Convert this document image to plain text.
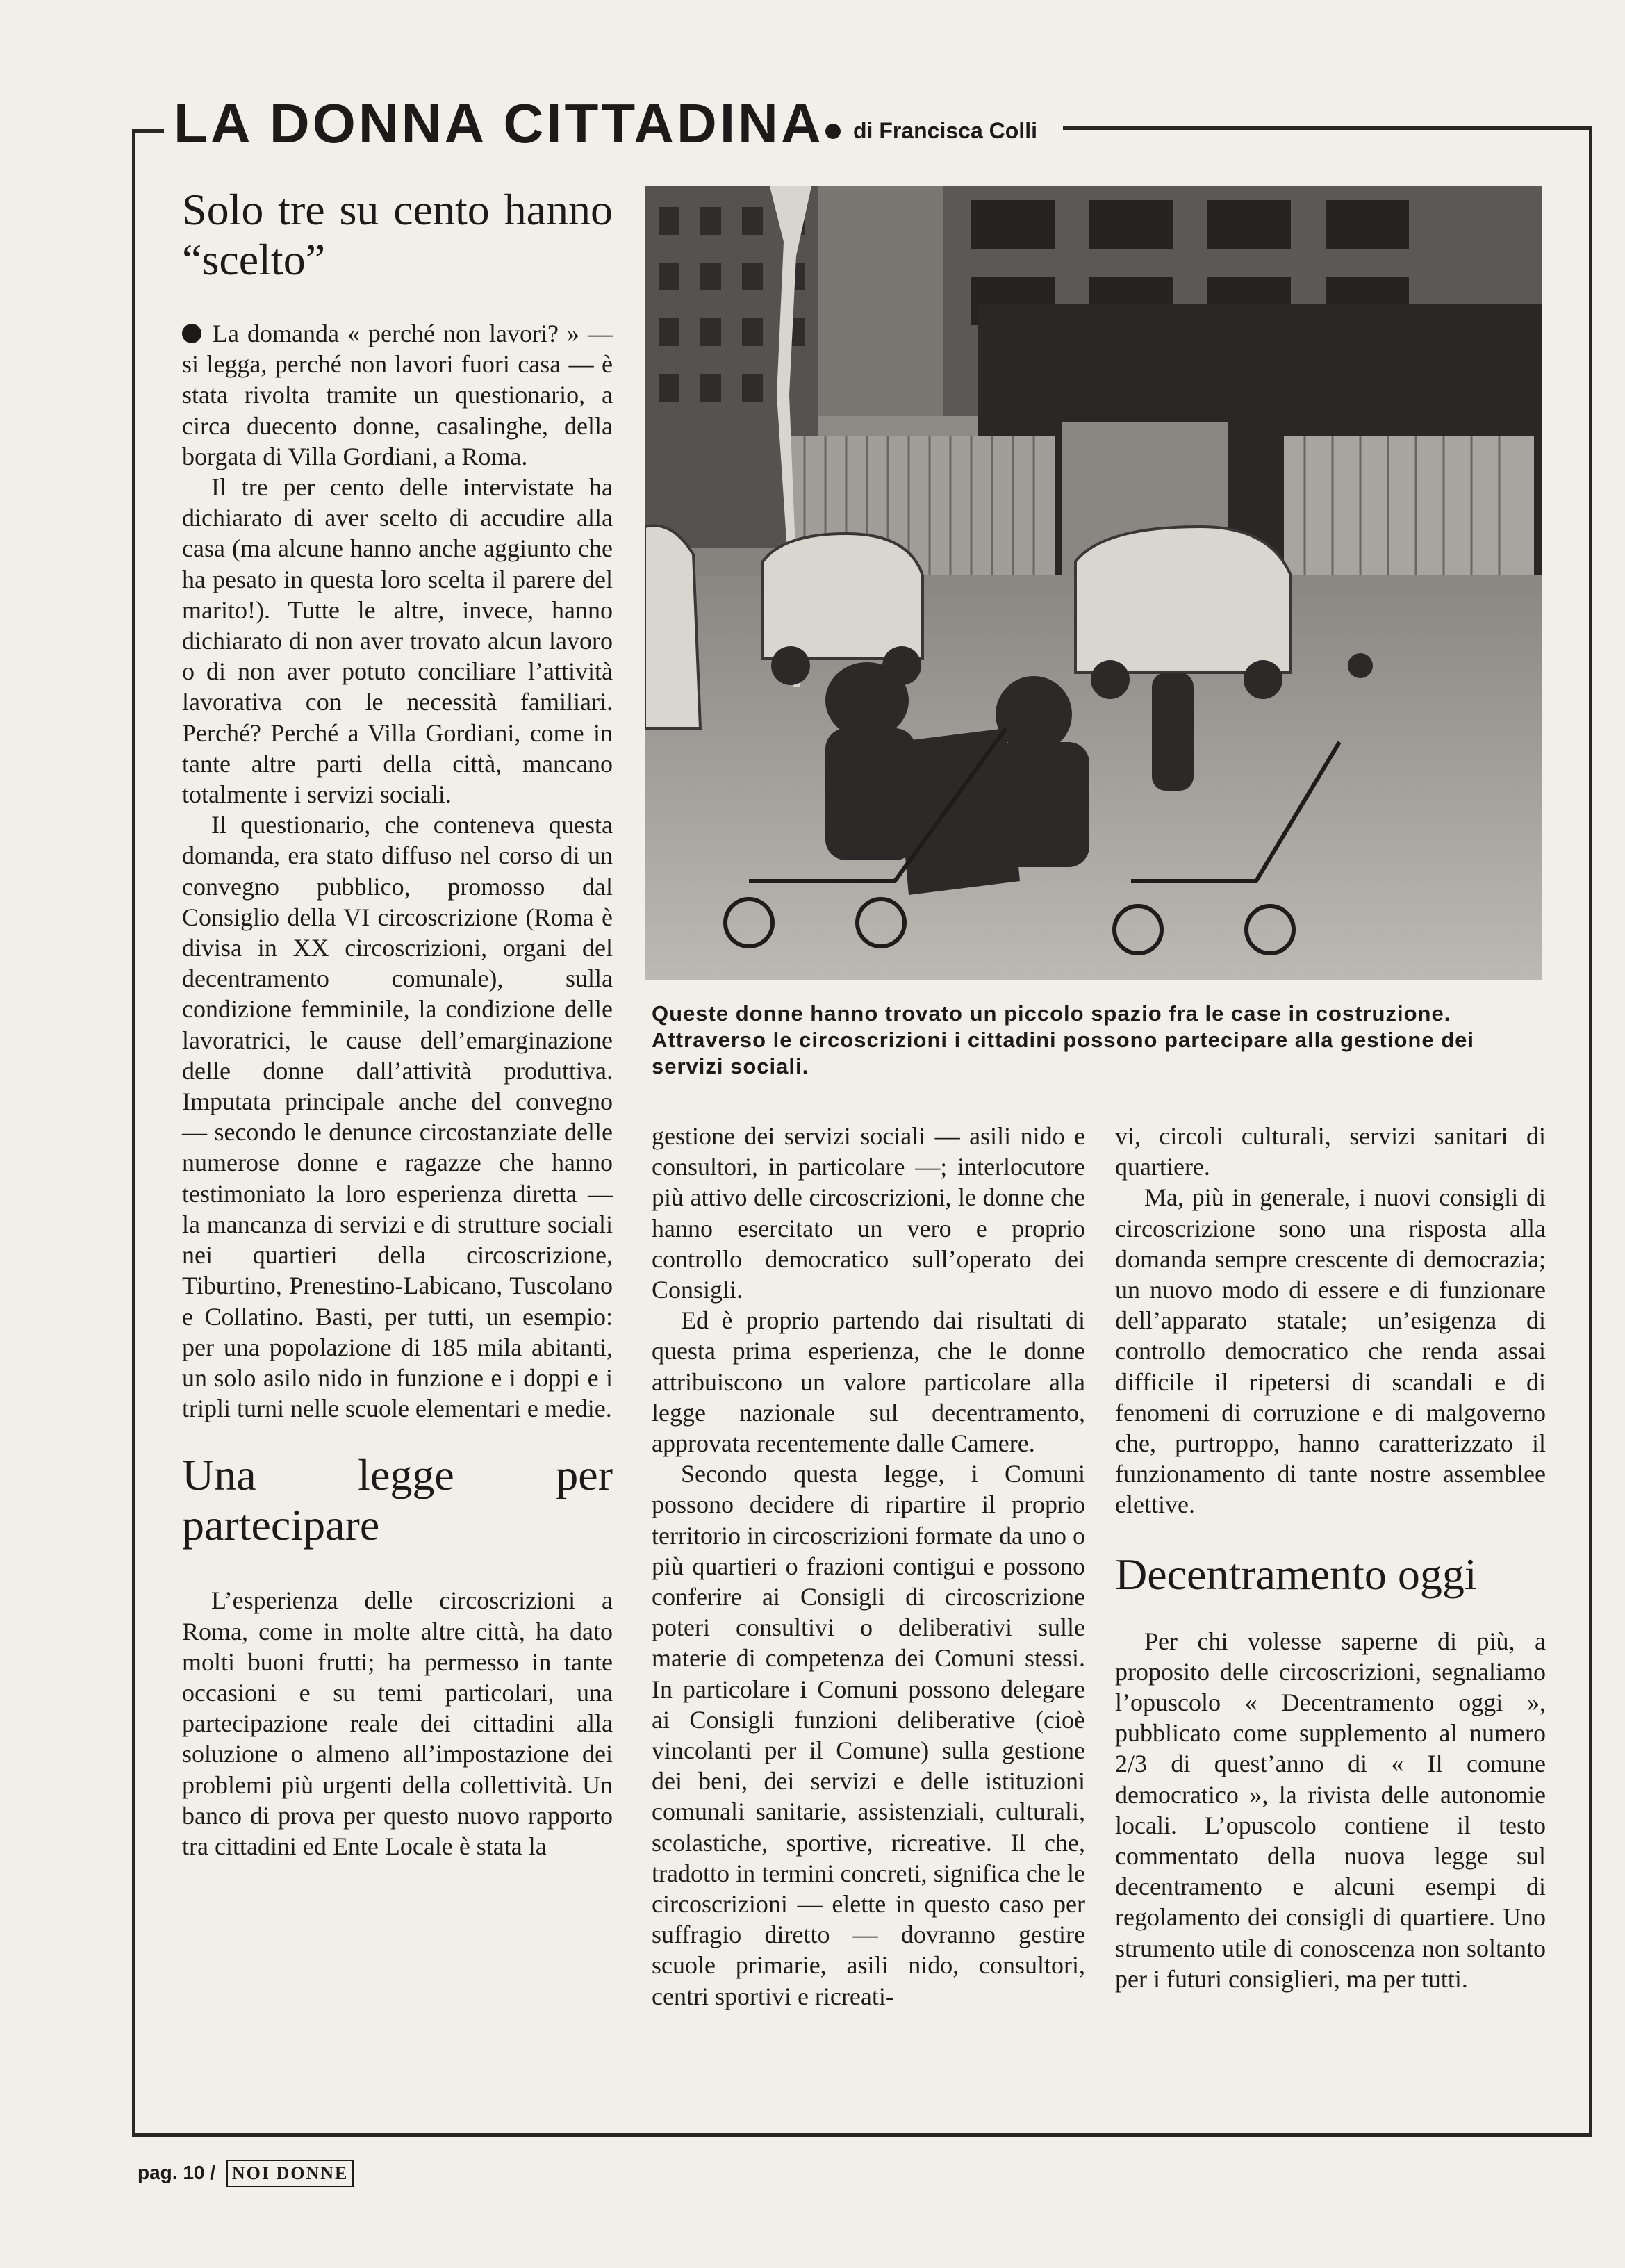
LA DONNA CITTADINA di Francisca Colli
Solo tre su cento hanno “scelto”

La domanda « perché non lavori? » — si legga, perché non lavori fuori casa — è stata rivolta tramite un questionario, a circa duecento donne, casalinghe, della borgata di Villa Gordiani, a Roma.

Il tre per cento delle intervistate ha dichiarato di aver scelto di accudire alla casa (ma alcune hanno anche aggiunto che ha pesato in questa loro scelta il parere del marito!). Tutte le altre, invece, hanno dichiarato di non aver trovato alcun lavoro o di non aver potuto conciliare l’attività lavorativa con le necessità familiari. Perché? Perché a Villa Gordiani, come in tante altre parti della città, mancano totalmente i servizi sociali.

Il questionario, che conteneva questa domanda, era stato diffuso nel corso di un convegno pubblico, promosso dal Consiglio della VI circoscrizione (Roma è divisa in XX circoscrizioni, organi del decentramento comunale), sulla condizione femminile, la condizione delle lavoratrici, le cause dell’emarginazione delle donne dall’attività produttiva. Imputata principale anche del convegno — secondo le denunce circostanziate delle numerose donne e ragazze che hanno testimoniato la loro esperienza diretta — la mancanza di servizi e di strutture sociali nei quartieri della circoscrizione, Tiburtino, Prenestino-Labicano, Tuscolano e Collatino. Basti, per tutti, un esempio: per una popolazione di 185 mila abitanti, un solo asilo nido in funzione e i doppi e i tripli turni nelle scuole elementari e medie.

Una legge per partecipare

L’esperienza delle circoscrizioni a Roma, come in molte altre città, ha dato molti buoni frutti; ha permesso in tante occasioni e su temi particolari, una partecipazione reale dei cittadini alla soluzione o almeno all’impostazione dei problemi più urgenti della collettività. Un banco di prova per questo nuovo rapporto tra cittadini ed Ente Locale è stata la

Queste donne hanno trovato un piccolo spazio fra le case in costruzione. Attraverso le circoscrizioni i cittadini possono partecipare alla gestione dei servizi sociali.

gestione dei servizi sociali — asili nido e consultori, in particolare —; interlocutore più attivo delle circoscrizioni, le donne che hanno esercitato un vero e proprio controllo democratico sull’operato dei Consigli.

Ed è proprio partendo dai risultati di questa prima esperienza, che le donne attribuiscono un valore particolare alla legge nazionale sul decentramento, approvata recentemente dalle Camere.

Secondo questa legge, i Comuni possono decidere di ripartire il proprio territorio in circoscrizioni formate da uno o più quartieri o frazioni contigui e possono conferire ai Consigli di circoscrizione poteri consultivi o deliberativi sulle materie di competenza dei Comuni stessi. In particolare i Comuni possono delegare ai Consigli funzioni deliberative (cioè vincolanti per il Comune) sulla gestione dei beni, dei servizi e delle istituzioni comunali sanitarie, assistenziali, culturali, scolastiche, sportive, ricreative. Il che, tradotto in termini concreti, significa che le circoscrizioni — elette in questo caso per suffragio diretto — dovranno gestire scuole primarie, asili nido, consultori, centri sportivi e ricreati-

vi, circoli culturali, servizi sanitari di quartiere.

Ma, più in generale, i nuovi consigli di circoscrizione sono una risposta alla domanda sempre crescente di democrazia; un nuovo modo di essere e di funzionare dell’apparato statale; un’esigenza di controllo democratico che renda assai difficile il ripetersi di scandali e di fenomeni di corruzione e di malgoverno che, purtroppo, hanno caratterizzato il funzionamento di tante nostre assemblee elettive.

Decentramento oggi

Per chi volesse saperne di più, a proposito delle circoscrizioni, segnaliamo l’opuscolo « Decentramento oggi », pubblicato come supplemento al numero 2/3 di quest’anno di « Il comune democratico », la rivista delle autonomie locali. L’opuscolo contiene il testo commentato della nuova legge sul decentramento e alcuni esempi di regolamento dei consigli di quartiere. Uno strumento utile di conoscenza non soltanto per i futuri consiglieri, ma per tutti.

pag. 10 / NOI DONNE
